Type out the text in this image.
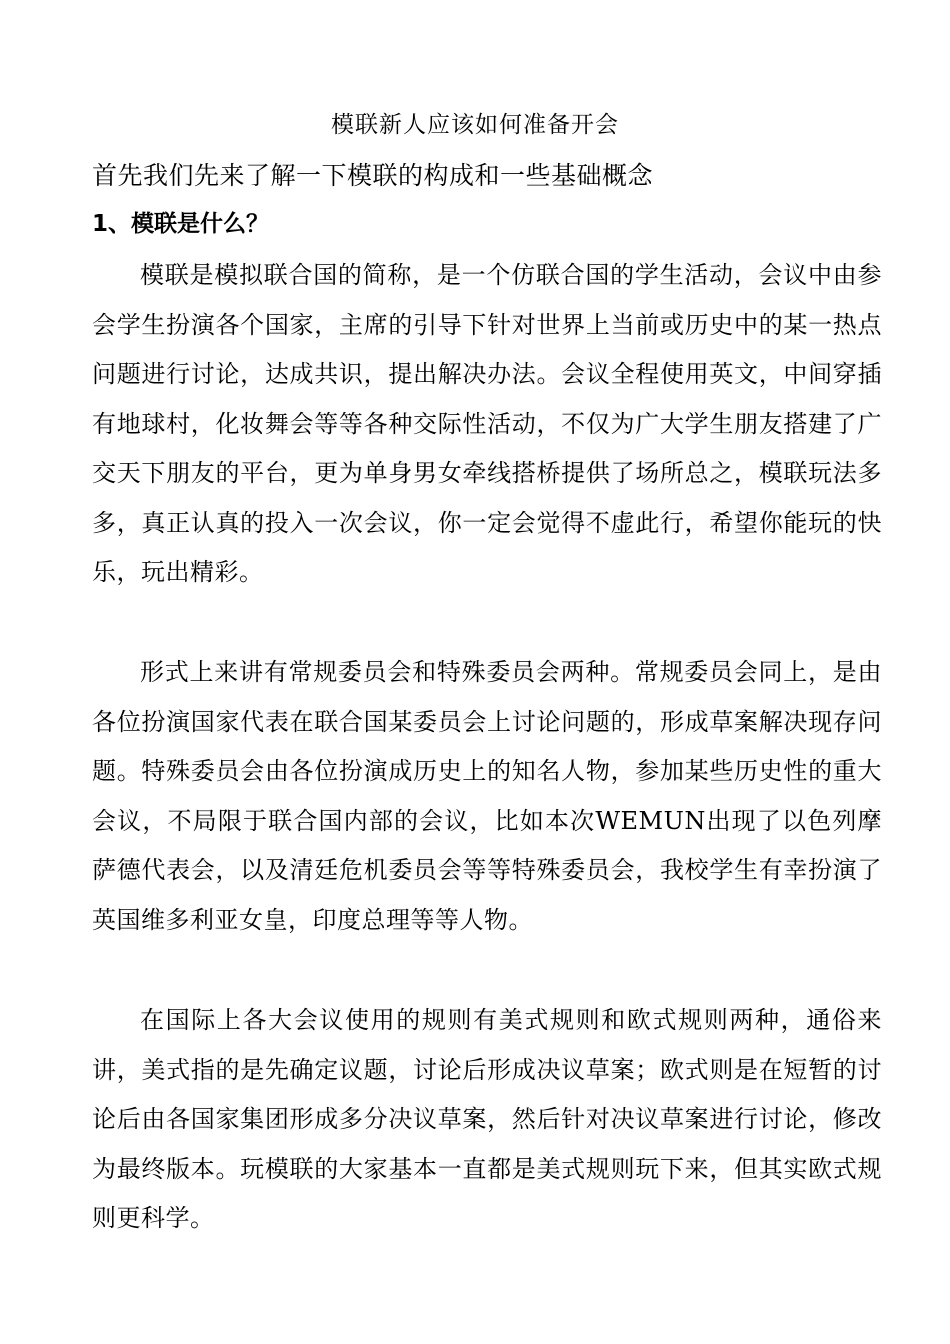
模联新人应该如何准备开会
首先我们先来了解一下模联的构成和一些基础概念
1、模联是什么？

模联是模拟联合国的简称，是一个仿联合国的学生活动，会议中由参会学生扮演各个国家，主席的引导下针对世界上当前或历史中的某一热点问题进行讨论，达成共识，提出解决办法。会议全程使用英文，中间穿插有地球村，化妆舞会等等各种交际性活动，不仅为广大学生朋友搭建了广交天下朋友的平台，更为单身男女牵线搭桥提供了场所总之，模联玩法多多，真正认真的投入一次会议，你一定会觉得不虚此行，希望你能玩的快乐，玩出精彩。

形式上来讲有常规委员会和特殊委员会两种。常规委员会同上，是由各位扮演国家代表在联合国某委员会上讨论问题的，形成草案解决现存问题。特殊委员会由各位扮演成历史上的知名人物，参加某些历史性的重大会议，不局限于联合国内部的会议，比如本次WEMUN出现了以色列摩萨德代表会，以及清廷危机委员会等等特殊委员会，我校学生有幸扮演了英国维多利亚女皇，印度总理等等人物。

在国际上各大会议使用的规则有美式规则和欧式规则两种，通俗来讲，美式指的是先确定议题，讨论后形成决议草案；欧式则是在短暂的讨论后由各国家集团形成多分决议草案，然后针对决议草案进行讨论，修改为最终版本。玩模联的大家基本一直都是美式规则玩下来，但其实欧式规则更科学。
